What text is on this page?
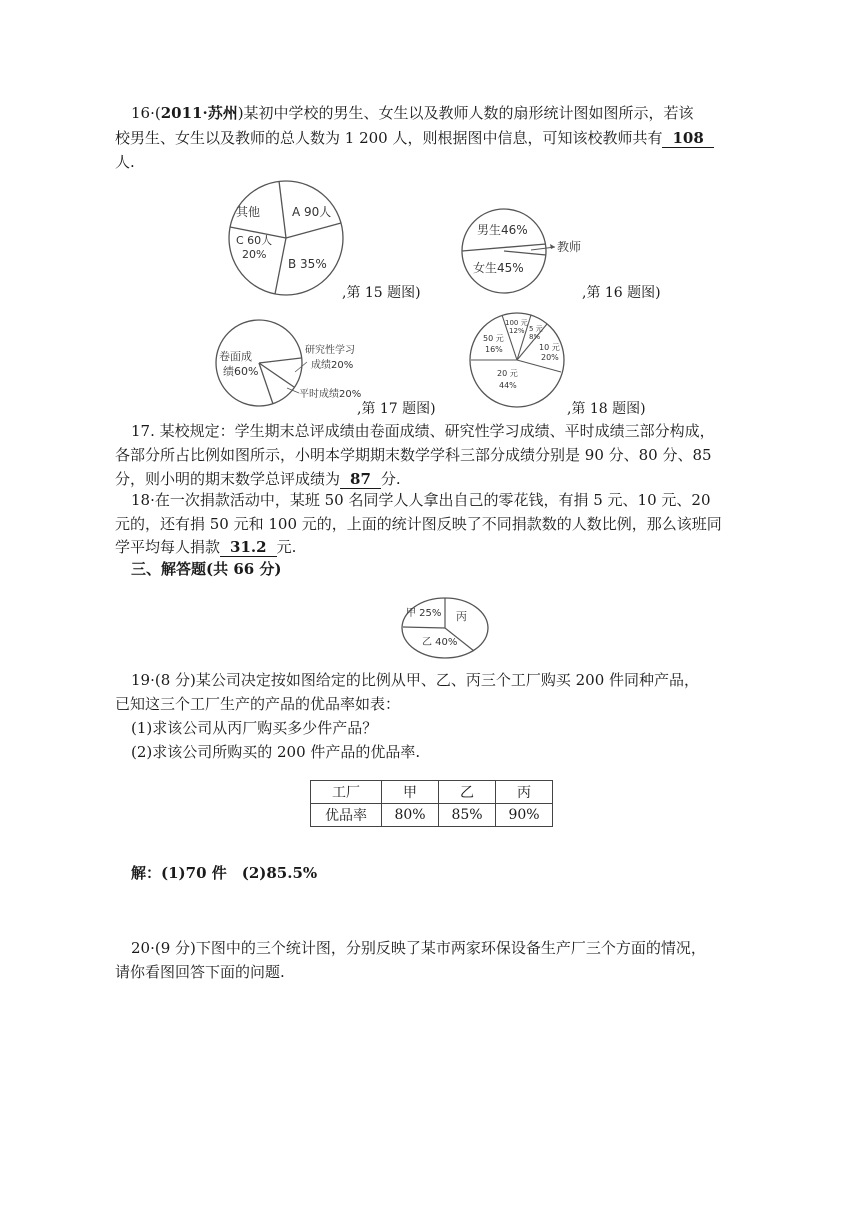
16·(2011·苏州)某初中学校的男生、女生以及教师人数的扇形统计图如图所示，若该
校男生、女生以及教师的总人数为 1 200 人，则根据图中信息，可知该校教师共有 108
人.
其他	A 90人
C 60人
20%
B 35%
,第 15 题图)
男生46%
女生45%
教师
,第 16 题图)
卷面成
绩60%
研究性学习
成绩20%
平时成绩20%
,第 17 题图)
100 元
12% 5 元
8%
50 元
16%	10 元
20%
20 元
44%
,第 18 题图)
17. 某校规定：学生期末总评成绩由卷面成绩、研究性学习成绩、平时成绩三部分构成，
各部分所占比例如图所示，小明本学期期末数学学科三部分成绩分别是 90 分、80 分、85
分，则小明的期末数学总评成绩为 87 分.
18·在一次捐款活动中，某班 50 名同学人人拿出自己的零花钱，有捐 5 元、10 元、20
元的，还有捐 50 元和 100 元的，上面的统计图反映了不同捐款数的人数比例，那么该班同
学平均每人捐款 31.2 元.
三、解答题(共 66 分)
甲 25% 丙
乙 40%
19·(8 分)某公司决定按如图给定的比例从甲、乙、丙三个工厂购买 200 件同种产品，
已知这三个工厂生产的产品的优品率如表：
(1)求该公司从丙厂购买多少件产品？
(2)求该公司所购买的 200 件产品的优品率.
工厂	甲	乙	丙
优品率	80%	85%	90%
解：(1)70 件　(2)85.5%
20·(9 分)下图中的三个统计图，分别反映了某市两家环保设备生产厂三个方面的情况，
请你看图回答下面的问题.
